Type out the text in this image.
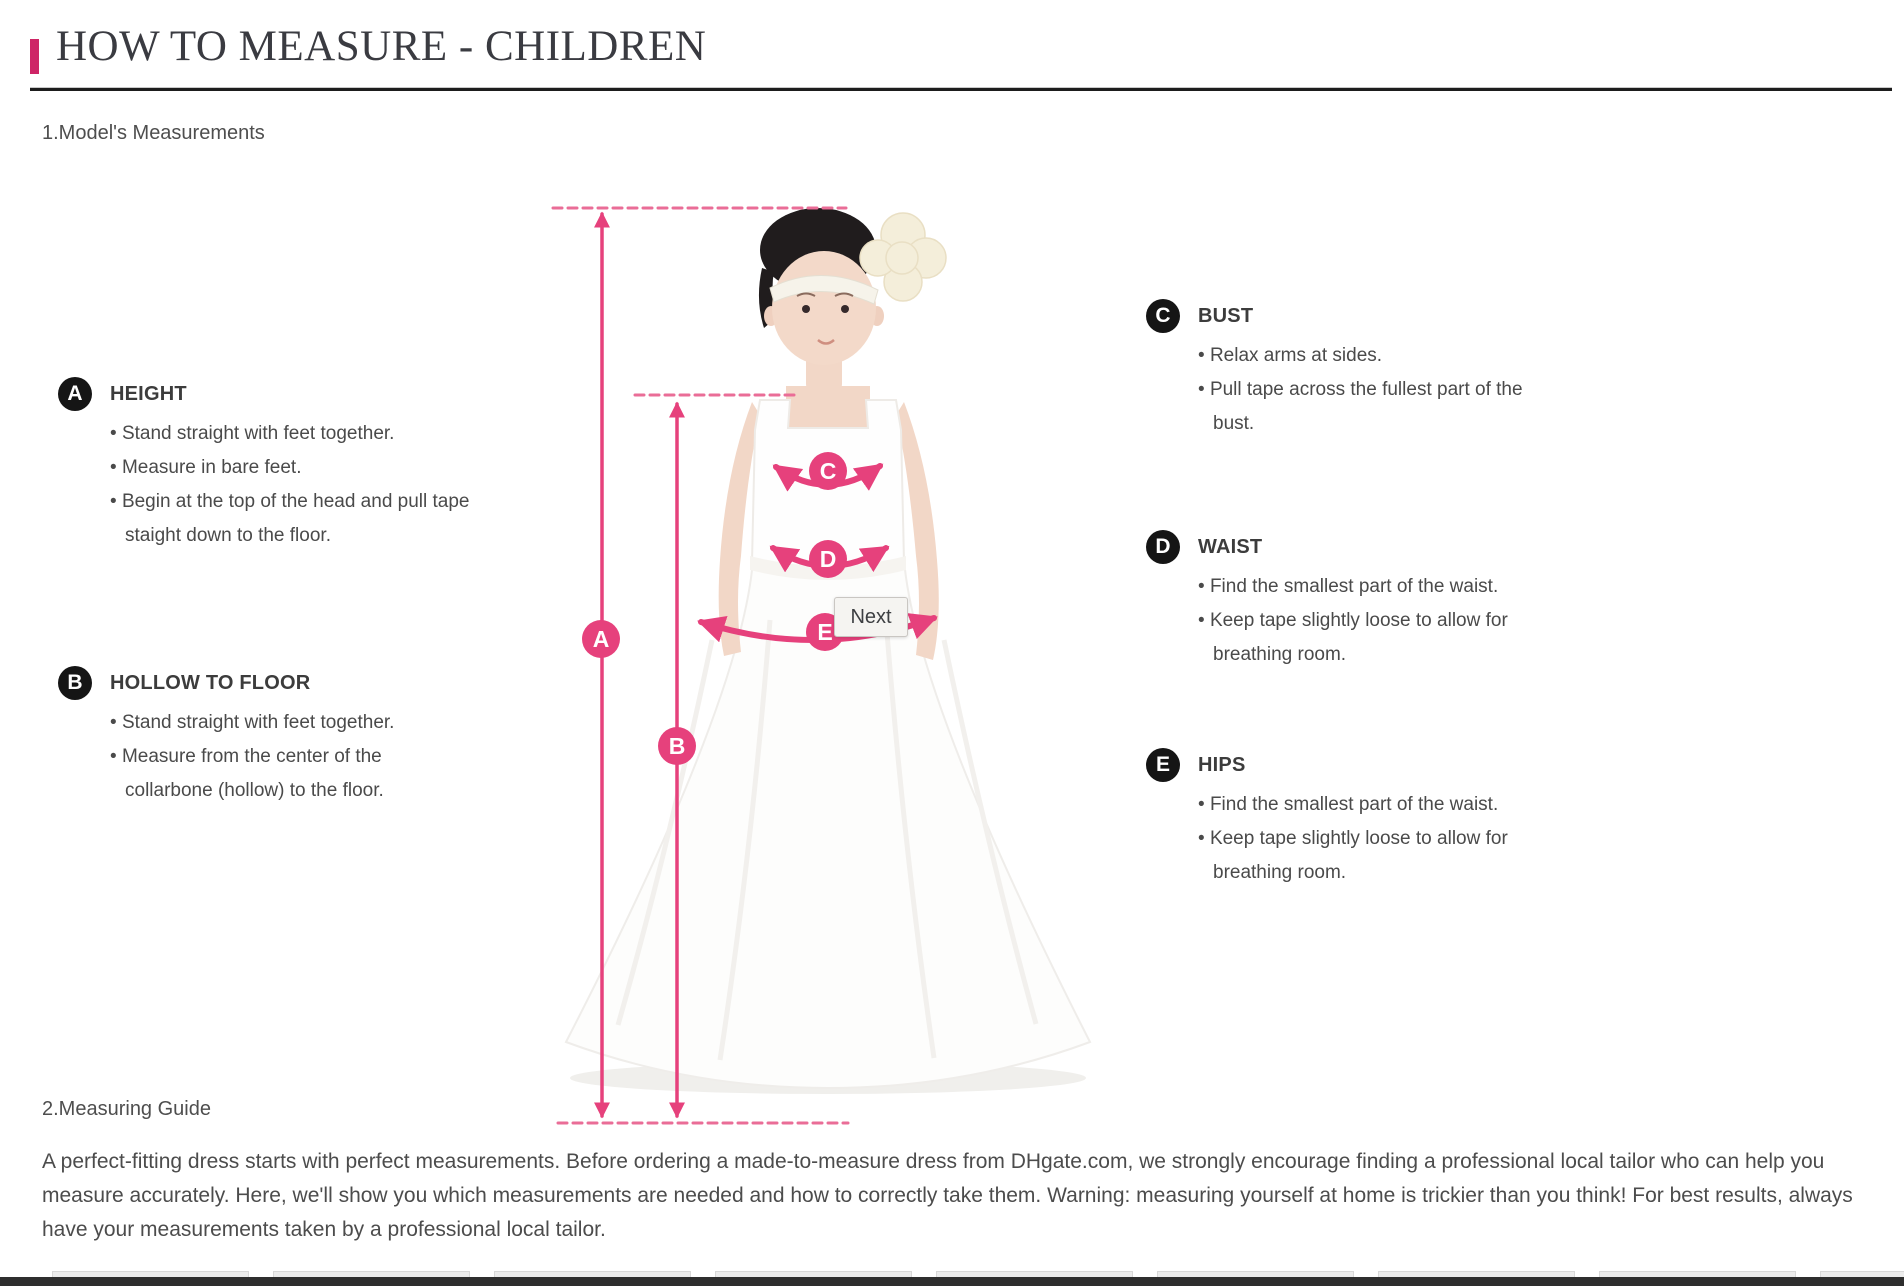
HOW TO MEASURE - CHILDREN
1.Model's Measurements
A	HEIGHT
• Stand straight with feet together.
• Measure in bare feet.
• Begin at the top of the head and pull tape staight down to the floor.
B	HOLLOW TO FLOOR
• Stand straight with feet together.
• Measure from the center of the collarbone (hollow) to the floor.
C	BUST
• Relax arms at sides.
• Pull tape across the fullest part of the bust.
D	WAIST
• Find the smallest part of the waist.
• Keep tape slightly loose to allow for breathing room.
E	HIPS
• Find the smallest part of the waist.
• Keep tape slightly loose to allow for breathing room.
A
B
C
D
E
Next
2.Measuring Guide
A perfect-fitting dress starts with perfect measurements. Before ordering a made-to-measure dress from DHgate.com, we strongly encourage finding a professional local tailor who can help you measure accurately. Here, we'll show you which measurements are needed and how to correctly take them. Warning: measuring yourself at home is trickier than you think! For best results, always have your measurements taken by a professional local tailor.
